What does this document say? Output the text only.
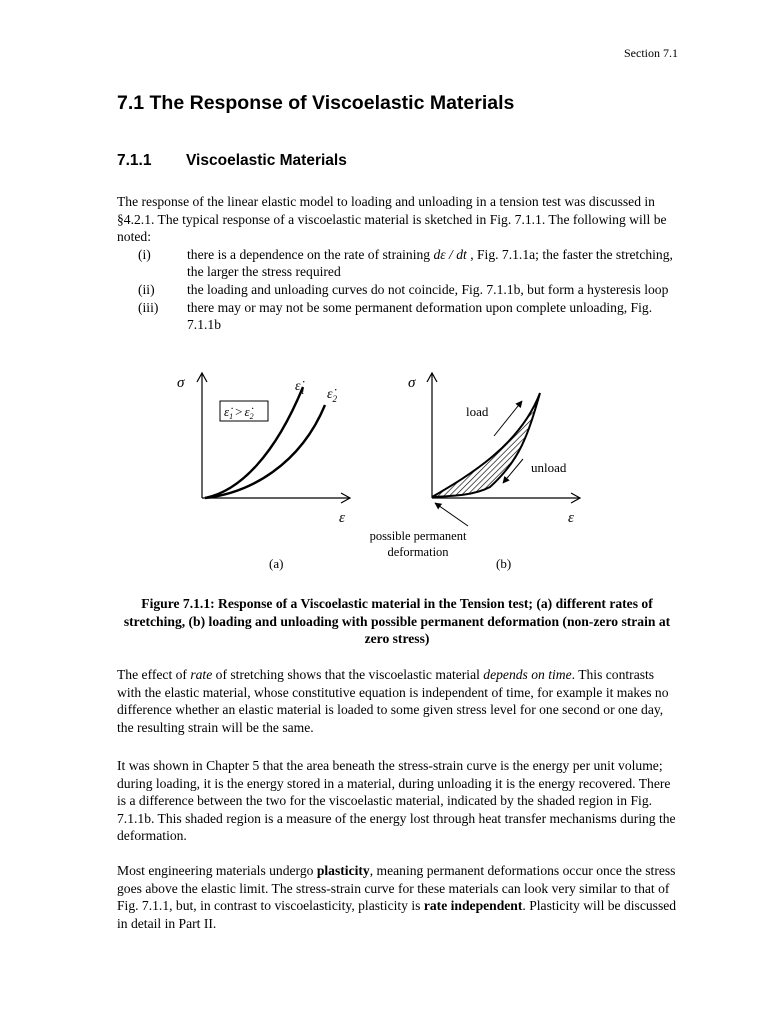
Section 7.1
7.1 The Response of Viscoelastic Materials
7.1.1 Viscoelastic Materials
The response of the linear elastic model to loading and unloading in a tension test was discussed in §4.2.1. The typical response of a viscoelastic material is sketched in Fig. 7.1.1. The following will be noted:
(i)	there is a dependence on the rate of straining dε / dt , Fig. 7.1.1a; the faster the stretching, the larger the stress required
(ii) the loading and unloading curves do not coincide, Fig. 7.1.1b, but form a hysteresis loop
(iii) there may or may not be some permanent deformation upon complete unloading, Fig. 7.1.1b
σ
ε
$\varepsiloṅ_1$ $\varepsiloṅ_2$
$\varepsiloṅ_1$ > $\varepsiloṅ_2$
(a)
σ
ε
load
unload
possible permanent deformation
(b)

Figure 7.1.1: Response of a Viscoelastic material in the Tension test; (a) different rates of stretching, (b) loading and unloading with possible permanent deformation (non-zero strain at zero stress)

The effect of rate of stretching shows that the viscoelastic material depends on time. This contrasts with the elastic material, whose constitutive equation is independent of time, for example it makes no difference whether an elastic material is loaded to some given stress level for one second or one day, the resulting strain will be the same.

It was shown in Chapter 5 that the area beneath the stress-strain curve is the energy per unit volume; during loading, it is the energy stored in a material, during unloading it is the energy recovered. There is a difference between the two for the viscoelastic material, indicated by the shaded region in Fig. 7.1.1b. This shaded region is a measure of the energy lost through heat transfer mechanisms during the deformation.

Most engineering materials undergo plasticity, meaning permanent deformations occur once the stress goes above the elastic limit. The stress-strain curve for these materials can look very similar to that of Fig. 7.1.1, but, in contrast to viscoelasticity, plasticity is rate independent. Plasticity will be discussed in detail in Part II.
